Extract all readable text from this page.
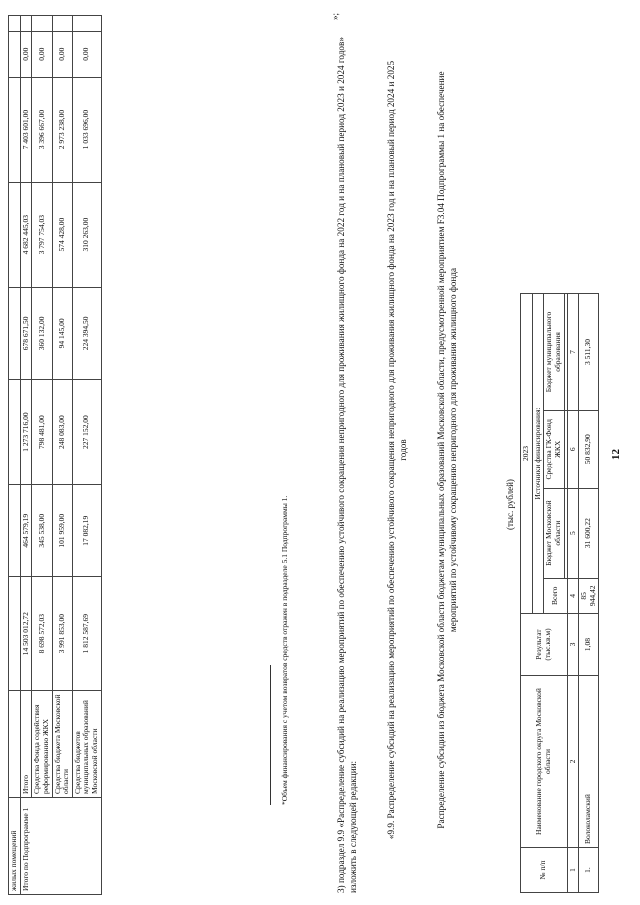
12
жилых помещений									
Итого по Подпрограмме 1	Итого	14 503 012,72	464 579,19	1 273 716,00	678 671,50	4 682 445,03	7 403 601,00	0,00	
	Средства Фонда содействия реформированию ЖКХ	8 698 572,03	345 538,00	798 481,00	360 132,00	3 797 754,03	3 396 667,00	0,00	
	Средства бюджета Московской области	3 991 853,00	101 959,00	248 083,00	94 145,00	574 428,00	2 973 238,00	0,00	
	Средства бюджетов муниципальных образований Московской области	1 812 587,69	17 082,19	227 152,00	224 394,50	310 263,00	1 033 696,00	0,00	
»;
*Объем финансирования с учетом возвратов средств отражен в подразделе 5.1 Подпрограммы 1.	3) подраздел 9.9 «Распределение субсидий на реализацию мероприятий по обеспечению устойчивого сокращения непригодного для проживания жилищного фонда на 2022 год и на плановый период 2023 и 2024 годов» изложить в следующей редакции:	«9.9. Распределение субсидий на реализацию мероприятий по обеспечению устойчивого сокращения непригодного для проживания жилищного фонда на 2023 год и на плановый период 2024 и 2025 годов	Распределение субсидии из бюджета Московской области бюджетам муниципальных образований Московской области, предусмотренной мероприятием F3.04 Подпрограммы 1 на обеспечение мероприятий по устойчивому сокращению непригодного для проживания жилищного фонда	(тыс. рублей)
№ п/п	Наименование городского округа Московской области	Результат (тыс.кв.м)	2023			
			Источники финансирования:			
			Всего	Бюджет Московской области	Средства ГК-Фонд ЖКХ	Бюджет муниципального образования

1	2	3	4	5	6	7
1.	Волоколамский	1,08	85 944,42	31 600,22	50 832,90	3 511,30
